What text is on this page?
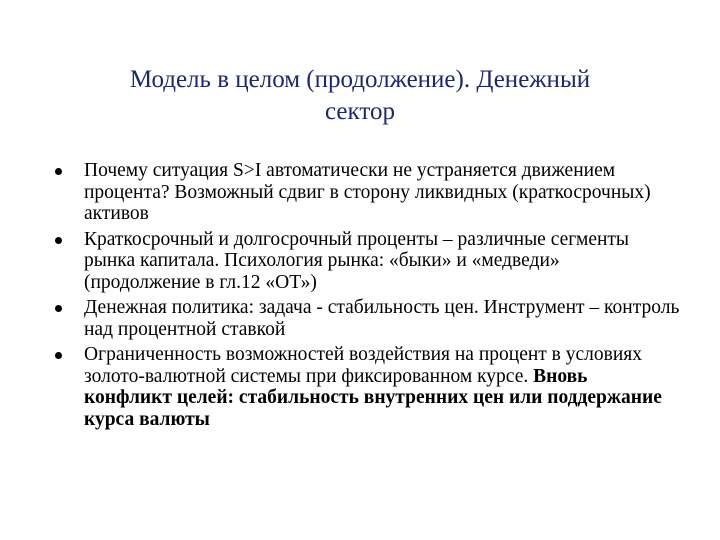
Модель в целом (продолжение). Денежный
сектор
Почему ситуация S>I автоматически не устраняется движением процента? Возможный сдвиг в сторону ликвидных (краткосрочных) активов
Краткосрочный и долгосрочный проценты – различные сегменты рынка капитала. Психология рынка: «быки» и «медведи» (продолжение в гл.12 «ОТ»)
Денежная политика: задача - стабильность цен. Инструмент – контроль над процентной ставкой
Ограниченность возможностей воздействия на процент в условиях золото-валютной системы при фиксированном курсе. Вновь конфликт целей: стабильность внутренних цен или поддержание курса валюты
